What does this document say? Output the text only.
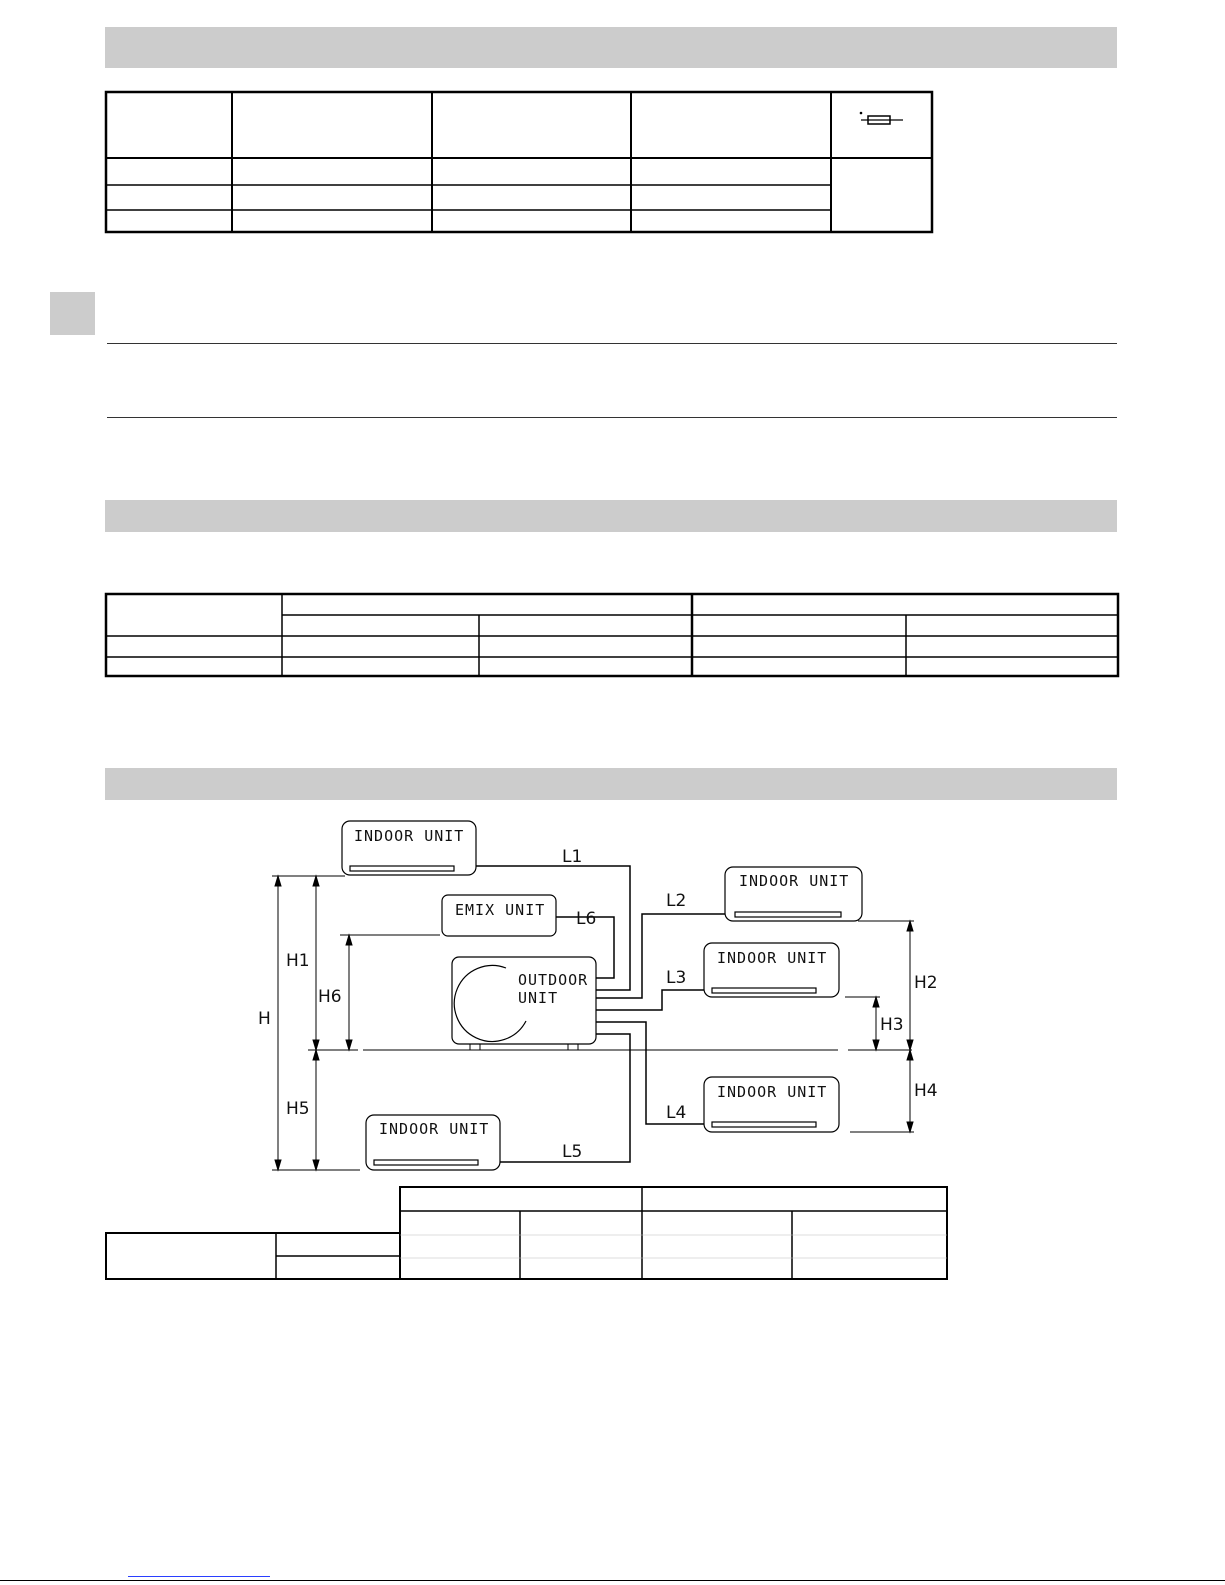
INDOOR UNIT
EMIX UNIT
OUTDOOR
UNIT
INDOOR UNIT
INDOOR UNIT
INDOOR UNIT
INDOOR UNIT
L1
L2
L3
L4
L5
L6
H
H1
H2
H3
H4
H5
H6
